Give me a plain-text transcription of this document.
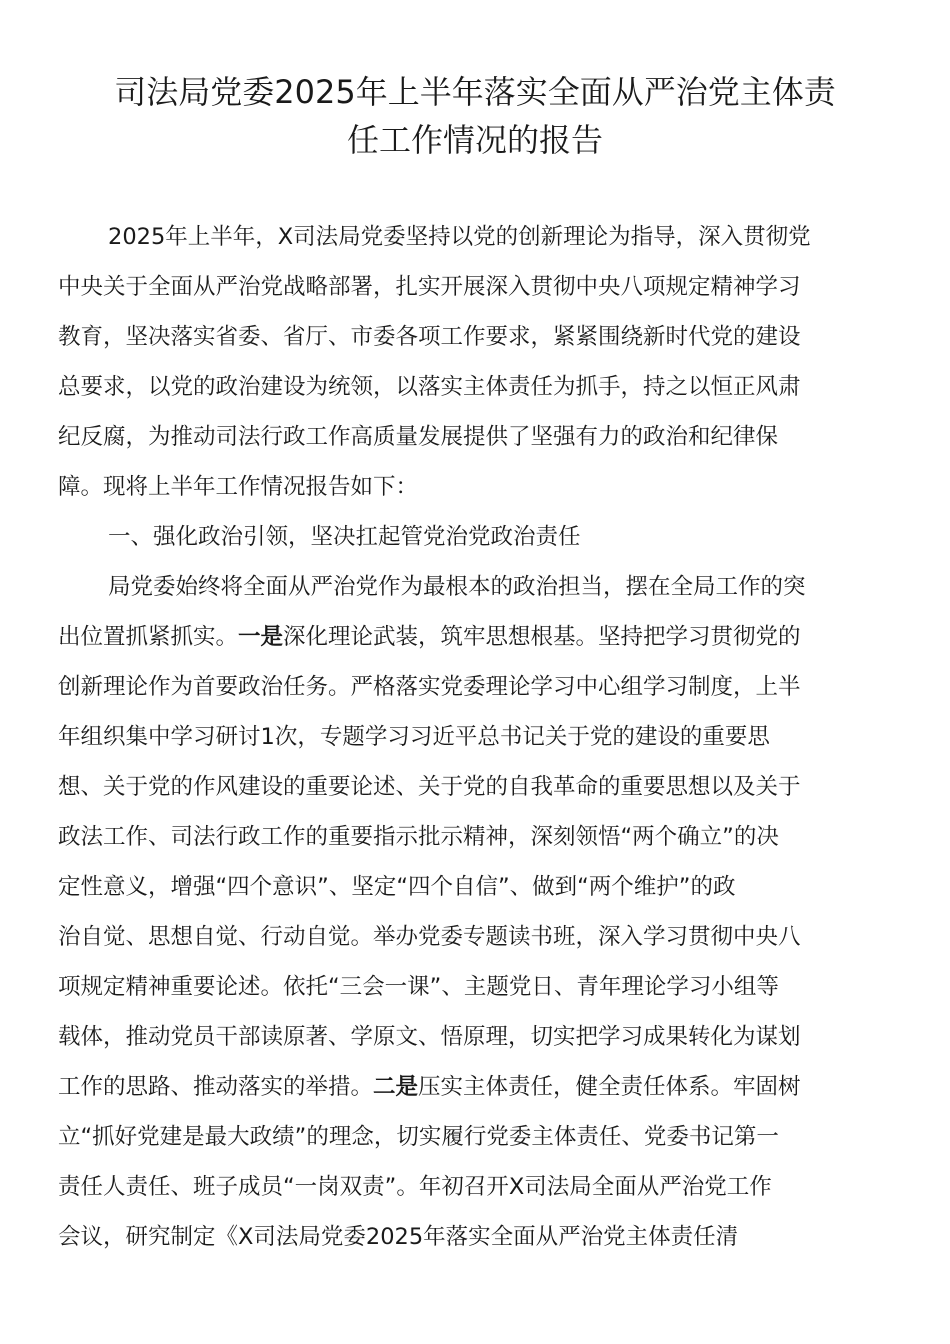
司法局党委2025年上半年落实全面从严治党主体责
任工作情况的报告
2025年上半年，X司法局党委坚持以党的创新理论为指导，深入贯彻党
中央关于全面从严治党战略部署，扎实开展深入贯彻中央八项规定精神学习
教育，坚决落实省委、省厅、市委各项工作要求，紧紧围绕新时代党的建设
总要求，以党的政治建设为统领，以落实主体责任为抓手，持之以恒正风肃
纪反腐，为推动司法行政工作高质量发展提供了坚强有力的政治和纪律保
障。现将上半年工作情况报告如下：
一、强化政治引领，坚决扛起管党治党政治责任
局党委始终将全面从严治党作为最根本的政治担当，摆在全局工作的突
出位置抓紧抓实。一是深化理论武装，筑牢思想根基。坚持把学习贯彻党的
创新理论作为首要政治任务。严格落实党委理论学习中心组学习制度，上半
年组织集中学习研讨1次，专题学习习近平总书记关于党的建设的重要思
想、关于党的作风建设的重要论述、关于党的自我革命的重要思想以及关于
政法工作、司法行政工作的重要指示批示精神，深刻领悟“两个确立”的决
定性意义，增强“四个意识”、坚定“四个自信”、做到“两个维护”的政
治自觉、思想自觉、行动自觉。举办党委专题读书班，深入学习贯彻中央八
项规定精神重要论述。依托“三会一课”、主题党日、青年理论学习小组等
载体，推动党员干部读原著、学原文、悟原理，切实把学习成果转化为谋划
工作的思路、推动落实的举措。二是压实主体责任，健全责任体系。牢固树
立“抓好党建是最大政绩”的理念，切实履行党委主体责任、党委书记第一
责任人责任、班子成员“一岗双责”。年初召开X司法局全面从严治党工作
会议，研究制定《X司法局党委2025年落实全面从严治党主体责任清
